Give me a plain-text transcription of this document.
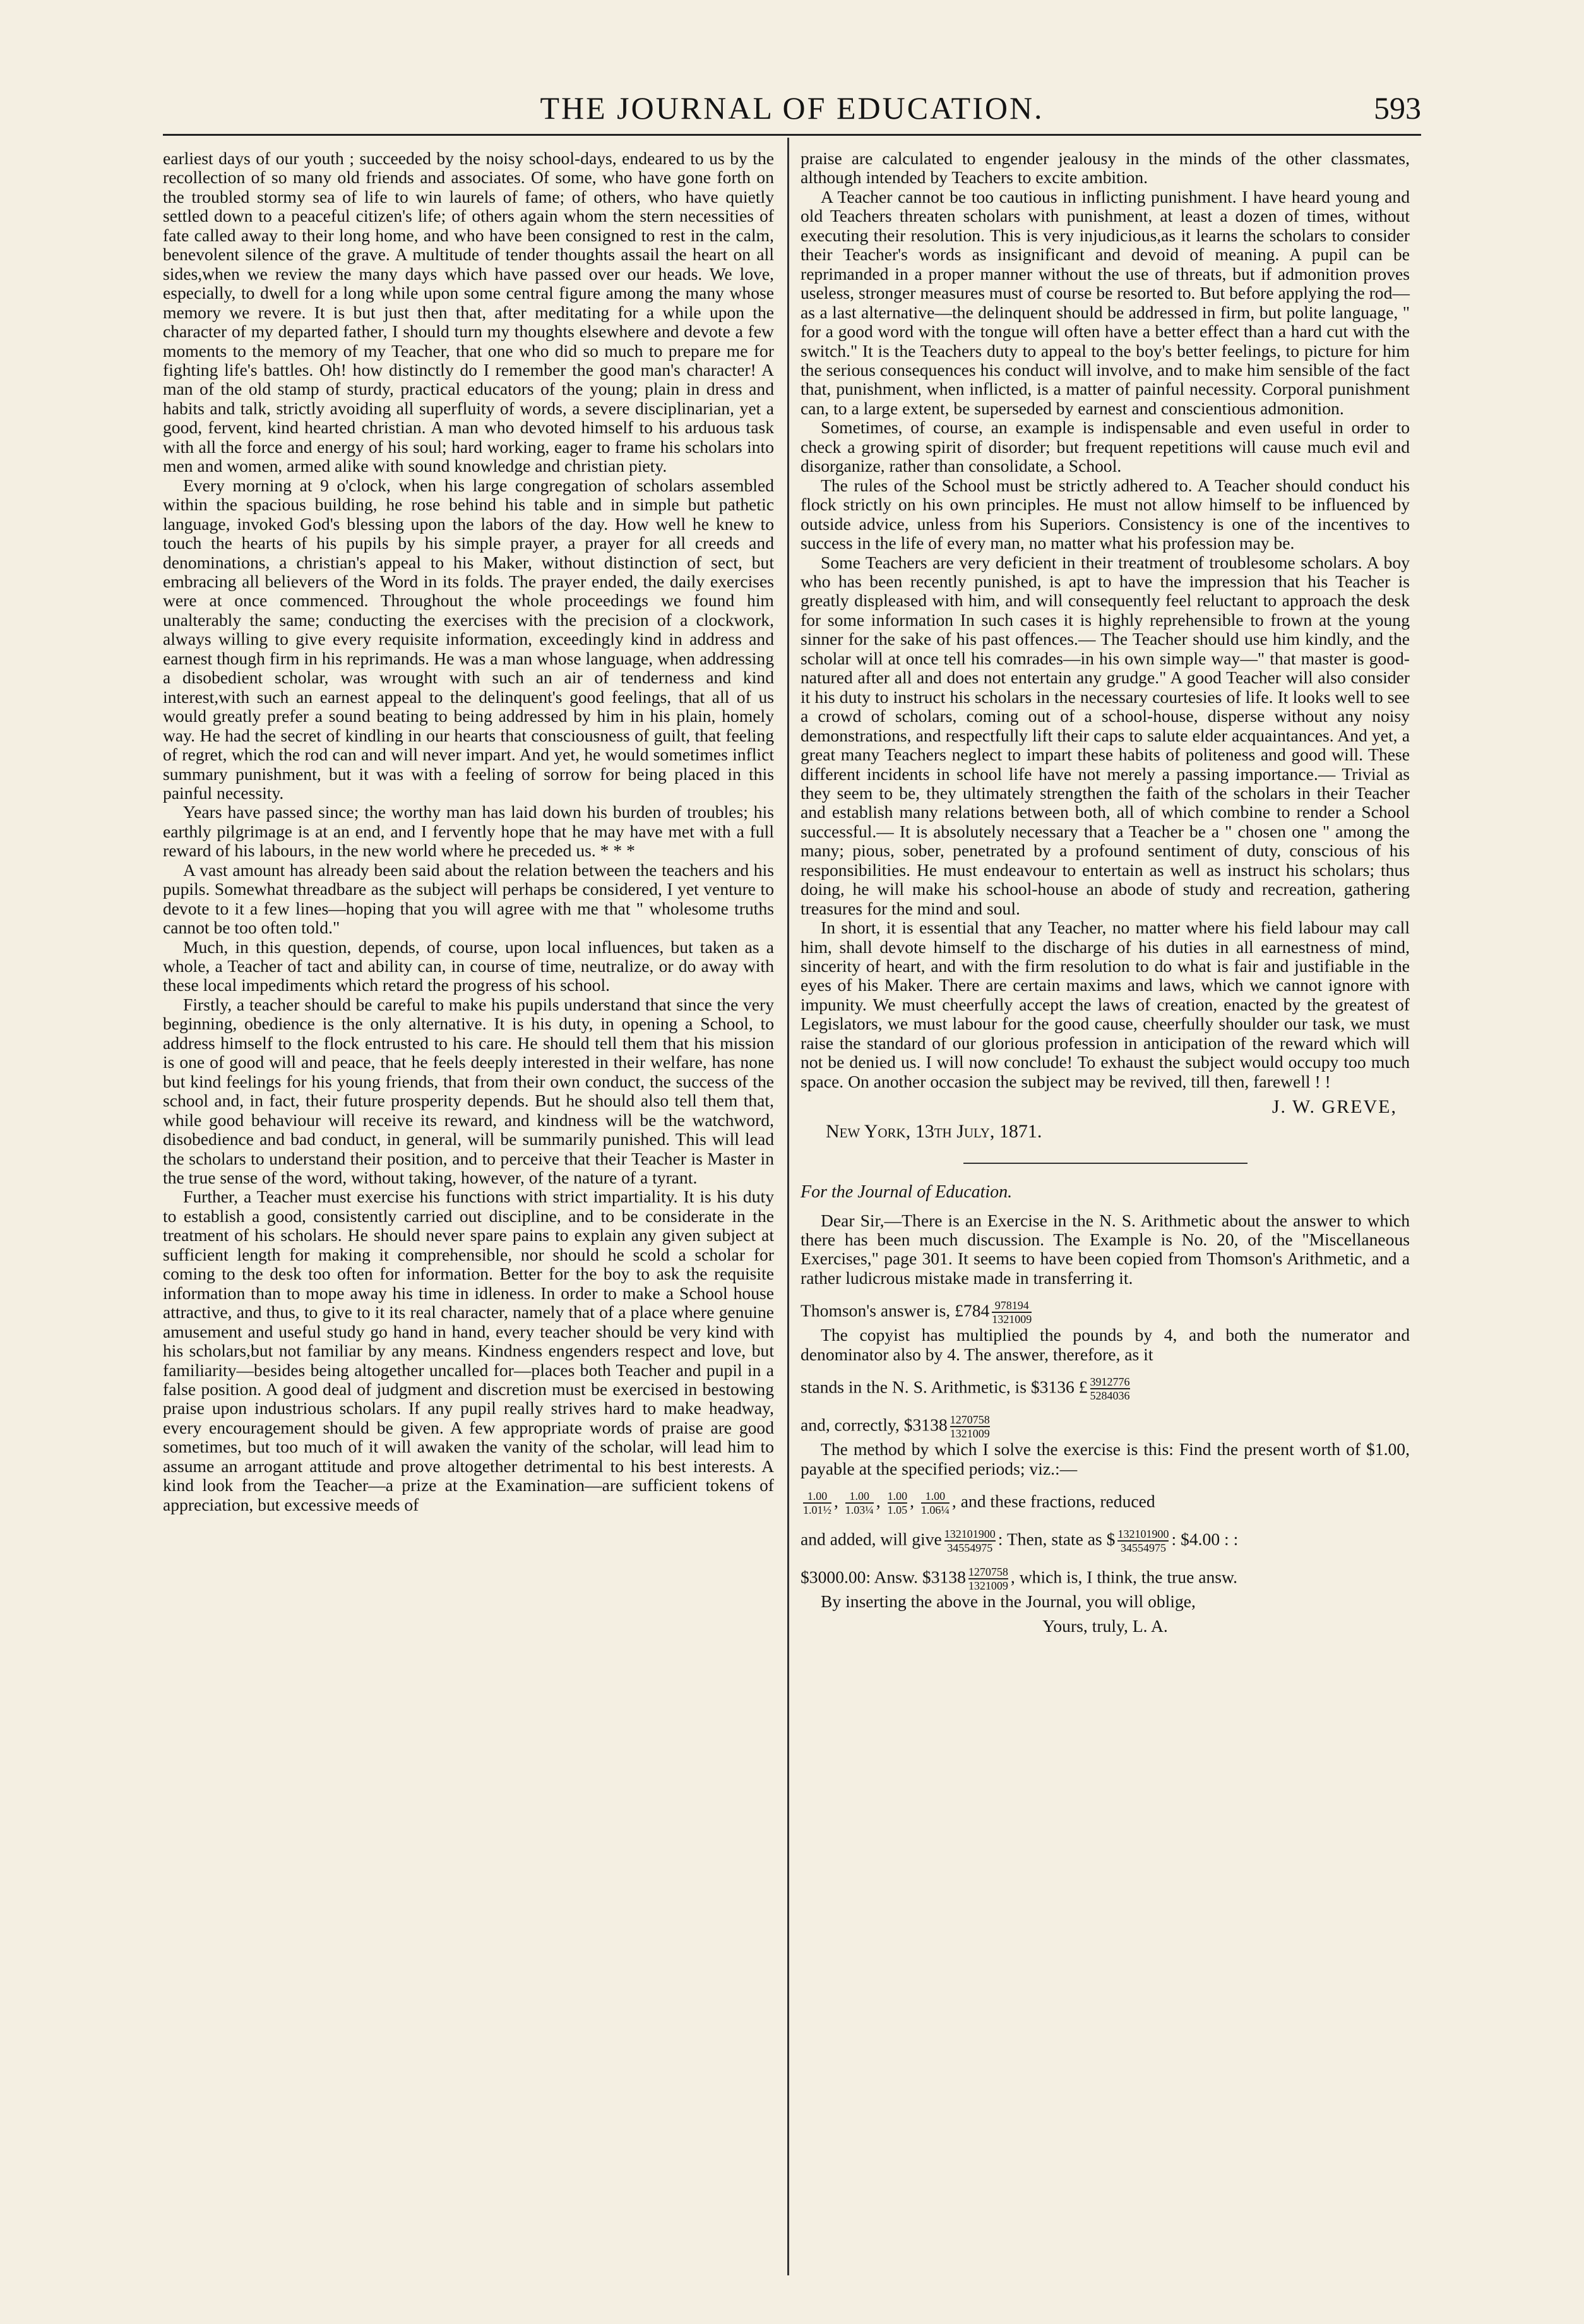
THE JOURNAL OF EDUCATION.	593

earliest days of our youth ; succeeded by the noisy school-days, endeared to us by the recollection of so many old friends and associates. Of some, who have gone forth on the troubled stormy sea of life to win laurels of fame; of others, who have quietly settled down to a peaceful citizen's life; of others again whom the stern necessities of fate called away to their long home, and who have been consigned to rest in the calm, benevolent silence of the grave. A multitude of tender thoughts assail the heart on all sides,when we review the many days which have passed over our heads. We love, especially, to dwell for a long while upon some central figure among the many whose memory we revere. It is but just then that, after meditating for a while upon the character of my departed father, I should turn my thoughts elsewhere and devote a few moments to the memory of my Teacher, that one who did so much to prepare me for fighting life's battles. Oh! how distinctly do I remember the good man's character! A man of the old stamp of sturdy, practical educators of the young; plain in dress and habits and talk, strictly avoiding all superfluity of words, a severe disciplinarian, yet a good, fervent, kind hearted christian. A man who devoted himself to his arduous task with all the force and energy of his soul; hard working, eager to frame his scholars into men and women, armed alike with sound knowledge and christian piety.

Every morning at 9 o'clock, when his large congregation of scholars assembled within the spacious building, he rose behind his table and in simple but pathetic language, invoked God's blessing upon the labors of the day. How well he knew to touch the hearts of his pupils by his simple prayer, a prayer for all creeds and denominations, a christian's appeal to his Maker, without distinction of sect, but embracing all believers of the Word in its folds. The prayer ended, the daily exercises were at once commenced. Throughout the whole proceedings we found him unalterably the same; conducting the exercises with the precision of a clockwork, always willing to give every requisite information, exceedingly kind in address and earnest though firm in his reprimands. He was a man whose language, when addressing a disobedient scholar, was wrought with such an air of tenderness and kind interest,with such an earnest appeal to the delinquent's good feelings, that all of us would greatly prefer a sound beating to being addressed by him in his plain, homely way. He had the secret of kindling in our hearts that consciousness of guilt, that feeling of regret, which the rod can and will never impart. And yet, he would sometimes inflict summary punishment, but it was with a feeling of sorrow for being placed in this painful necessity.

Years have passed since; the worthy man has laid down his burden of troubles; his earthly pilgrimage is at an end, and I fervently hope that he may have met with a full reward of his labours, in the new world where he preceded us. * * *

A vast amount has already been said about the relation between the teachers and his pupils. Somewhat threadbare as the subject will perhaps be considered, I yet venture to devote to it a few lines—hoping that you will agree with me that " wholesome truths cannot be too often told."

Much, in this question, depends, of course, upon local influences, but taken as a whole, a Teacher of tact and ability can, in course of time, neutralize, or do away with these local impediments which retard the progress of his school.

Firstly, a teacher should be careful to make his pupils understand that since the very beginning, obedience is the only alternative. It is his duty, in opening a School, to address himself to the flock entrusted to his care. He should tell them that his mission is one of good will and peace, that he feels deeply interested in their welfare, has none but kind feelings for his young friends, that from their own conduct, the success of the school and, in fact, their future prosperity depends. But he should also tell them that, while good behaviour will receive its reward, and kindness will be the watchword, disobedience and bad conduct, in general, will be summarily punished. This will lead the scholars to understand their position, and to perceive that their Teacher is Master in the true sense of the word, without taking, however, of the nature of a tyrant.

Further, a Teacher must exercise his functions with strict impartiality. It is his duty to establish a good, consistently carried out discipline, and to be considerate in the treatment of his scholars. He should never spare pains to explain any given subject at sufficient length for making it comprehensible, nor should he scold a scholar for coming to the desk too often for information. Better for the boy to ask the requisite information than to mope away his time in idleness. In order to make a School house attractive, and thus, to give to it its real character, namely that of a place where genuine amusement and useful study go hand in hand, every teacher should be very kind with his scholars,but not familiar by any means. Kindness engenders respect and love, but familiarity—besides being altogether uncalled for—places both Teacher and pupil in a false position. A good deal of judgment and discretion must be exercised in bestowing praise upon industrious scholars. If any pupil really strives hard to make headway, every encouragement should be given. A few appropriate words of praise are good sometimes, but too much of it will awaken the vanity of the scholar, will lead him to assume an arrogant attitude and prove altogether detrimental to his best interests. A kind look from the Teacher—a prize at the Examination—are sufficient tokens of appreciation, but excessive meeds of

praise are calculated to engender jealousy in the minds of the other classmates, although intended by Teachers to excite ambition.

A Teacher cannot be too cautious in inflicting punishment. I have heard young and old Teachers threaten scholars with punishment, at least a dozen of times, without executing their resolution. This is very injudicious,as it learns the scholars to consider their Teacher's words as insignificant and devoid of meaning. A pupil can be reprimanded in a proper manner without the use of threats, but if admonition proves useless, stronger measures must of course be resorted to. But before applying the rod—as a last alternative—the delinquent should be addressed in firm, but polite language, " for a good word with the tongue will often have a better effect than a hard cut with the switch." It is the Teachers duty to appeal to the boy's better feelings, to picture for him the serious consequences his conduct will involve, and to make him sensible of the fact that, punishment, when inflicted, is a matter of painful necessity. Corporal punishment can, to a large extent, be superseded by earnest and conscientious admonition.

Sometimes, of course, an example is indispensable and even useful in order to check a growing spirit of disorder; but frequent repetitions will cause much evil and disorganize, rather than consolidate, a School.

The rules of the School must be strictly adhered to. A Teacher should conduct his flock strictly on his own principles. He must not allow himself to be influenced by outside advice, unless from his Superiors. Consistency is one of the incentives to success in the life of every man, no matter what his profession may be.

Some Teachers are very deficient in their treatment of troublesome scholars. A boy who has been recently punished, is apt to have the impression that his Teacher is greatly displeased with him, and will consequently feel reluctant to approach the desk for some information In such cases it is highly reprehensible to frown at the young sinner for the sake of his past offences.— The Teacher should use him kindly, and the scholar will at once tell his comrades—in his own simple way—" that master is good-natured after all and does not entertain any grudge." A good Teacher will also consider it his duty to instruct his scholars in the necessary courtesies of life. It looks well to see a crowd of scholars, coming out of a school-house, disperse without any noisy demonstrations, and respectfully lift their caps to salute elder acquaintances. And yet, a great many Teachers neglect to impart these habits of politeness and good will. These different incidents in school life have not merely a passing importance.— Trivial as they seem to be, they ultimately strengthen the faith of the scholars in their Teacher and establish many relations between both, all of which combine to render a School successful.— It is absolutely necessary that a Teacher be a " chosen one " among the many; pious, sober, penetrated by a profound sentiment of duty, conscious of his responsibilities. He must endeavour to entertain as well as instruct his scholars; thus doing, he will make his school-house an abode of study and recreation, gathering treasures for the mind and soul.

In short, it is essential that any Teacher, no matter where his field labour may call him, shall devote himself to the discharge of his duties in all earnestness of mind, sincerity of heart, and with the firm resolution to do what is fair and justifiable in the eyes of his Maker. There are certain maxims and laws, which we cannot ignore with impunity. We must cheerfully accept the laws of creation, enacted by the greatest of Legislators, we must labour for the good cause, cheerfully shoulder our task, we must raise the standard of our glorious profession in anticipation of the reward which will not be denied us. I will now conclude! To exhaust the subject would occupy too much space. On another occasion the subject may be revived, till then, farewell ! !

J. W. GREVE,
New York, 13th July, 1871.
For the Journal of Education.

Dear Sir,—There is an Exercise in the N. S. Arithmetic about the answer to which there has been much discussion. The Example is No. 20, of the "Miscellaneous Exercises," page 301. It seems to have been copied from Thomson's Arithmetic, and a rather ludicrous mistake made in transferring it.

Thomson's answer is, £784 $\frac{978194}{1321009}$

The copyist has multiplied the pounds by 4, and both the numerator and denominator also by 4. The answer, therefore, as it

stands in the N. S. Arithmetic, is $3136 £ $\frac{3912776}{5284036}$

and, correctly, $3138 $\frac{1270758}{1321009}$

The method by which I solve the exercise is this: Find the present worth of $1.00, payable at the specified periods; viz.:—

$\frac{1.00}{\text{1.01½}}$ , $\frac{1.00}{\text{1.03¼}}$ , $\frac{1.00}{1.05}$ , $\frac{1.00}{\text{1.06¼}}$ , and these fractions, reduced

and added, will give $\frac{132101900}{34554975}$ : Then, state as $ $\frac{132101900}{34554975}$ : $4.00 : :

$3000.00: Answ. $3138 $\frac{1270758}{1321009}$ , which is, I think, the true answ.

By inserting the above in the Journal, you will oblige,

Yours, truly, L. A.
